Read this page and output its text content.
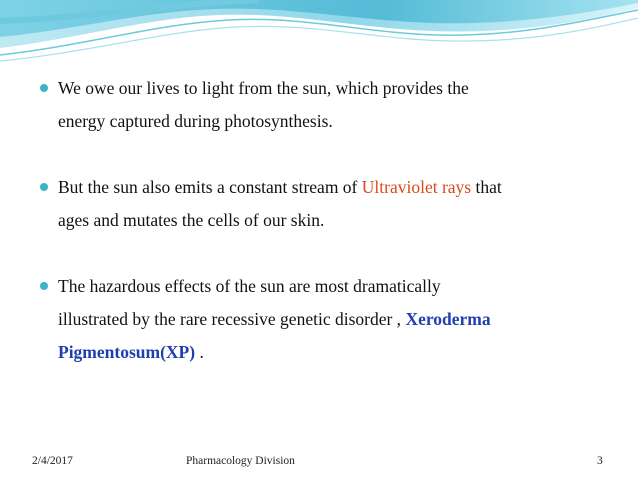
We owe our lives to light from the sun, which provides the
energy captured during photosynthesis.
But the sun also emits a constant stream of Ultraviolet rays that
ages and mutates the cells of our skin.
The hazardous effects of the sun are most dramatically
illustrated by the rare recessive genetic disorder , Xeroderma
Pigmentosum(XP) .
2/4/2017	Pharmacology Division	3
